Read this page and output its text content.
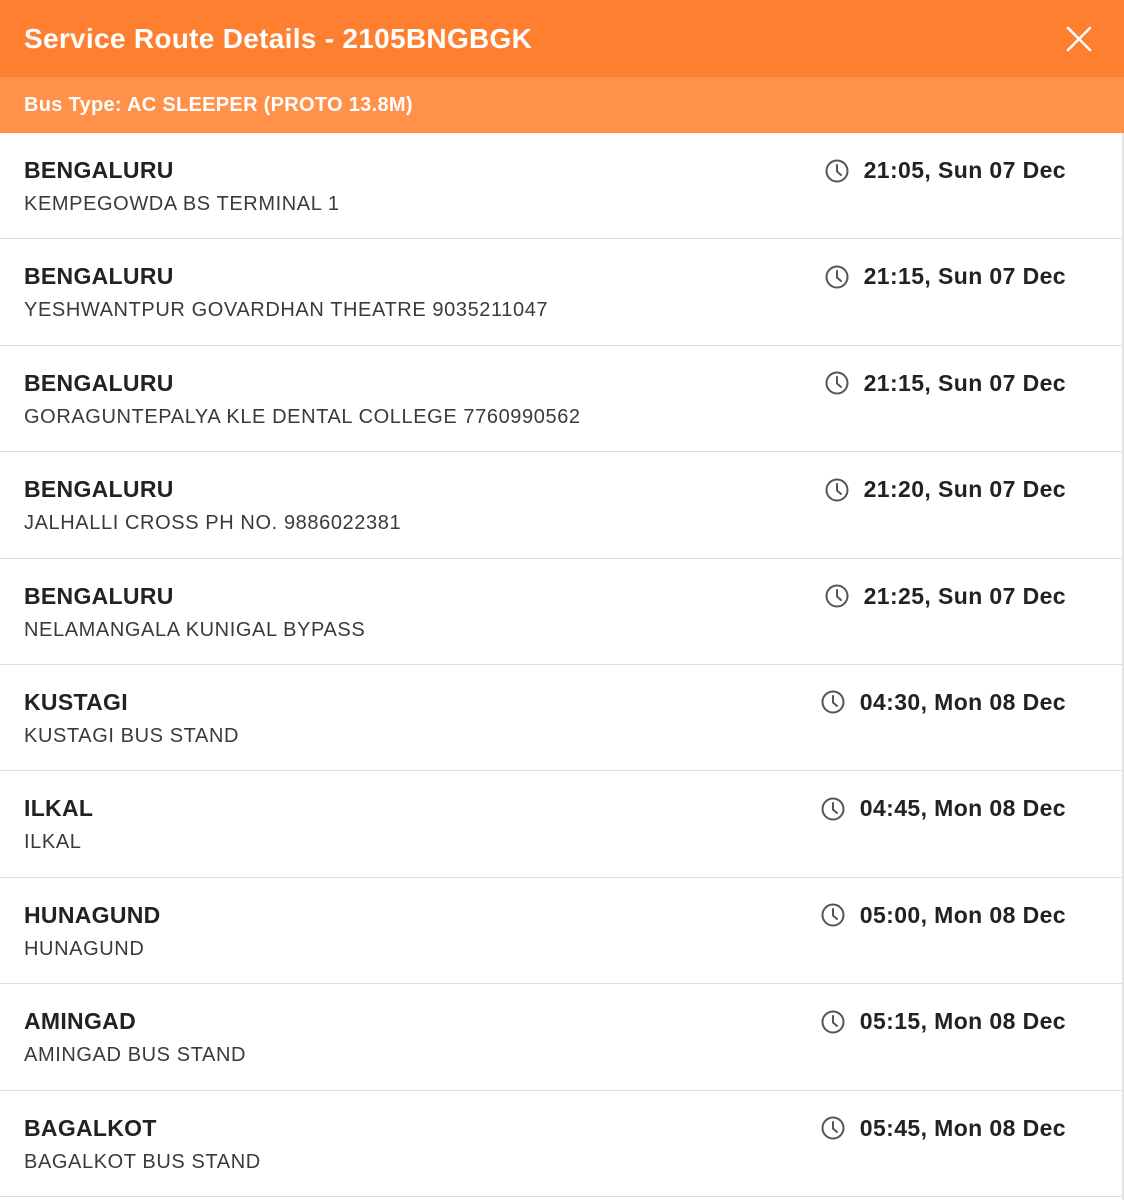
Service Route Details - 2105BNGBGK
Bus Type: AC SLEEPER (PROTO 13.8M)
BENGALURU
KEMPEGOWDA BS TERMINAL 1
21:05, Sun 07 Dec
BENGALURU
YESHWANTPUR GOVARDHAN THEATRE 9035211047
21:15, Sun 07 Dec
BENGALURU
GORAGUNTEPALYA KLE DENTAL COLLEGE 7760990562
21:15, Sun 07 Dec
BENGALURU
JALHALLI CROSS PH NO. 9886022381
21:20, Sun 07 Dec
BENGALURU
NELAMANGALA KUNIGAL BYPASS
21:25, Sun 07 Dec
KUSTAGI
KUSTAGI BUS STAND
04:30, Mon 08 Dec
ILKAL
ILKAL
04:45, Mon 08 Dec
HUNAGUND
HUNAGUND
05:00, Mon 08 Dec
AMINGAD
AMINGAD BUS STAND
05:15, Mon 08 Dec
BAGALKOT
BAGALKOT BUS STAND
05:45, Mon 08 Dec
